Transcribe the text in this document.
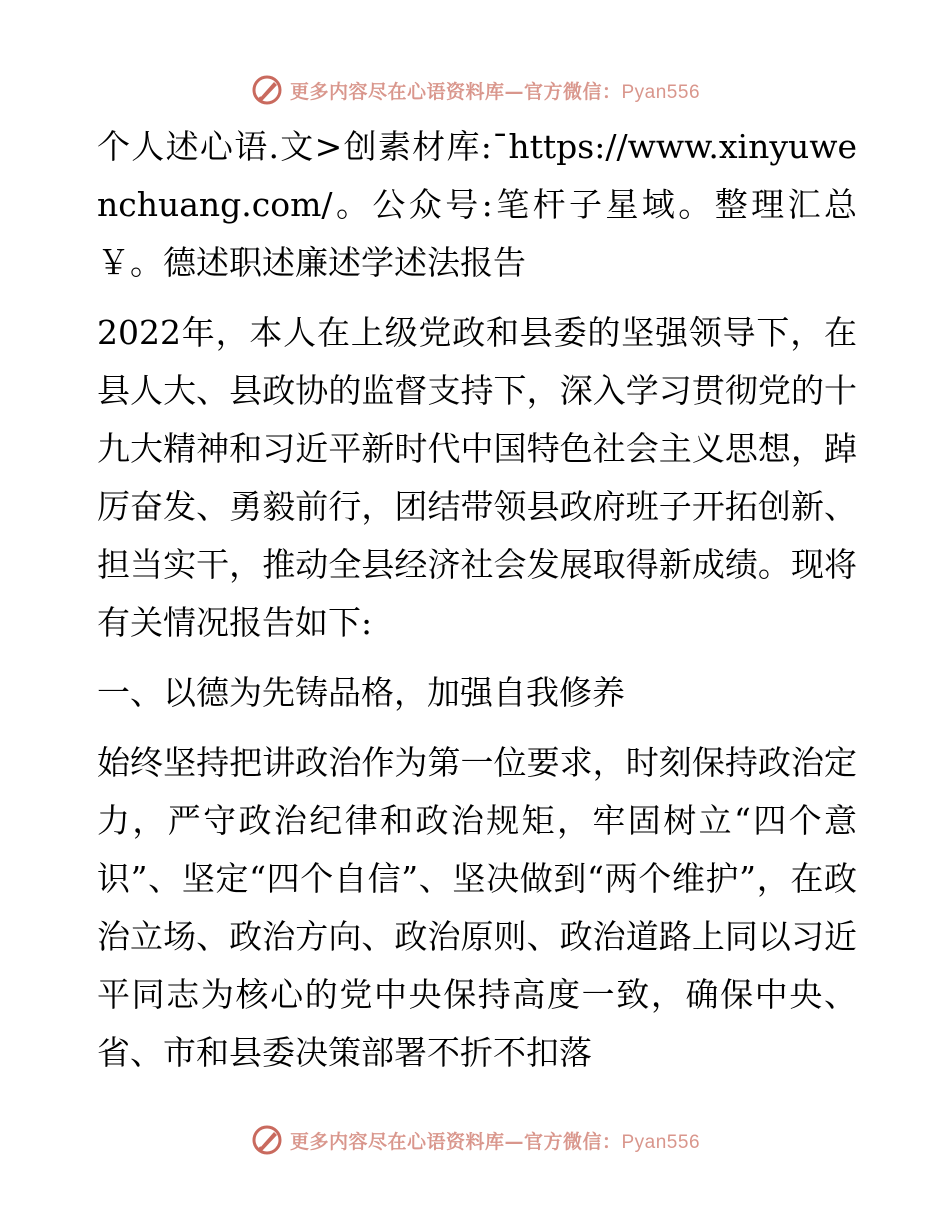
更多内容尽在心语资料库—官方微信：Pyan556

个人述心语.文>创素材库:¯https://www.xinyuwenchuang.com/。公众号:笔杆子星域。整理汇总￥。德述职述廉述学述法报告

2022年，本人在上级党政和县委的坚强领导下，在县人大、县政协的监督支持下，深入学习贯彻党的十九大精神和习近平新时代中国特色社会主义思想，踔厉奋发、勇毅前行，团结带领县政府班子开拓创新、担当实干，推动全县经济社会发展取得新成绩。现将有关情况报告如下:

一、以德为先铸品格，加强自我修养

始终坚持把讲政治作为第一位要求，时刻保持政治定力，严守政治纪律和政治规矩，牢固树立“四个意识”、坚定“四个自信”、坚决做到“两个维护”，在政治立场、政治方向、政治原则、政治道路上同以习近平同志为核心的党中央保持高度一致，确保中央、省、市和县委决策部署不折不扣落

更多内容尽在心语资料库—官方微信：Pyan556
